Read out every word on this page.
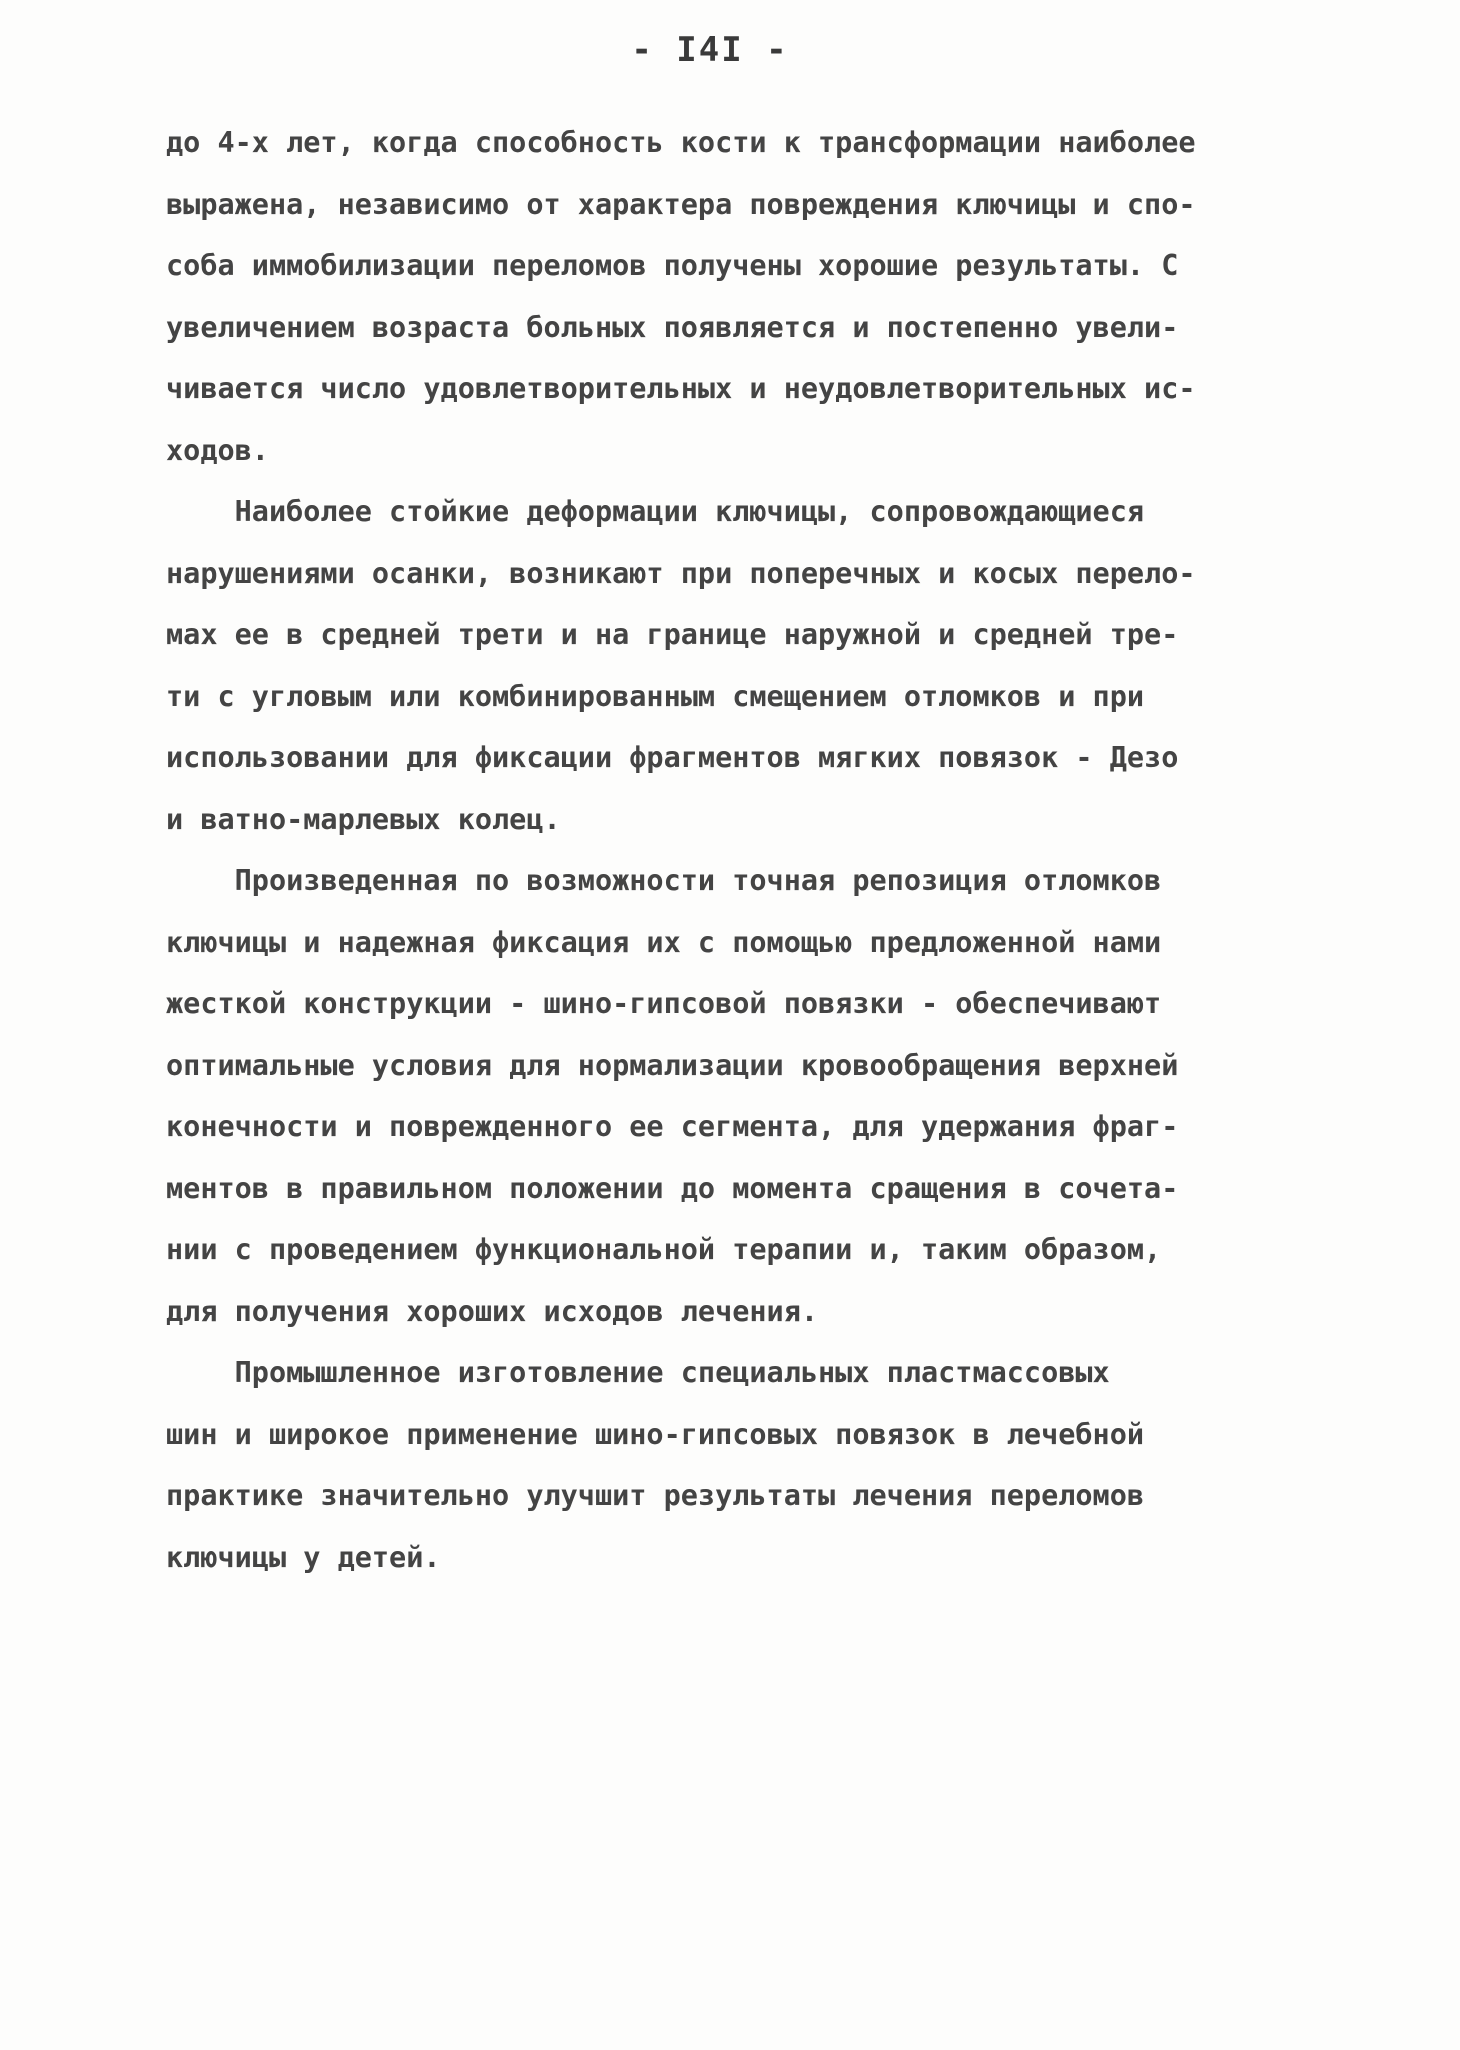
- I4I -
до 4-х лет, когда способность кости к трансформации наиболее
выражена, независимо от характера повреждения ключицы и спо-
соба иммобилизации переломов получены хорошие результаты. С
увеличением возраста больных появляется и постепенно увели-
чивается число удовлетворительных и неудовлетворительных ис-
ходов.
Наиболее стойкие деформации ключицы, сопровождающиеся
нарушениями осанки, возникают при поперечных и косых перело-
мах ее в средней трети и на границе наружной и средней тре-
ти с угловым или комбинированным смещением отломков и при
использовании для фиксации фрагментов мягких повязок - Дезо
и ватно-марлевых колец.
Произведенная по возможности точная репозиция отломков
ключицы и надежная фиксация их с помощью предложенной нами
жесткой конструкции - шино-гипсовой повязки - обеспечивают
оптимальные условия для нормализации кровообращения верхней
конечности и поврежденного ее сегмента, для удержания фраг-
ментов в правильном положении до момента сращения в сочета-
нии с проведением функциональной терапии и, таким образом,
для получения хороших исходов лечения.
Промышленное изготовление специальных пластмассовых
шин и широкое применение шино-гипсовых повязок в лечебной
практике значительно улучшит результаты лечения переломов
ключицы у детей.
